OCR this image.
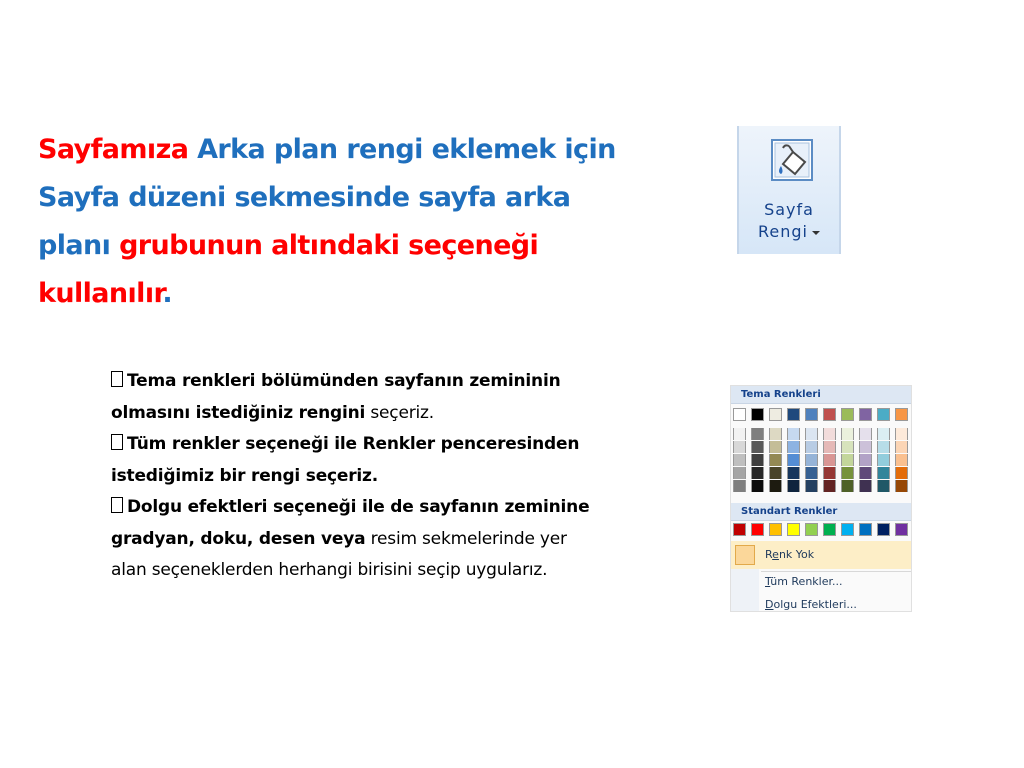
Sayfamıza Arka plan rengi eklemek için Sayfa düzeni sekmesinde sayfa arka planı grubunun altındaki seçeneği kullanılır.
Sayfa
Rengi
Tema renkleri bölümünden sayfanın zemininin olmasını istediğiniz rengini seçeriz.
Tüm renkler seçeneği ile Renkler penceresinden istediğimiz bir rengi seçeriz.
Dolgu efektleri seçeneği ile de sayfanın zeminine gradyan, doku, desen veya resim sekmelerinde yer alan seçeneklerden herhangi birisini seçip uygularız.
Tema Renkleri
Standart Renkler
Renk Yok
Tüm Renkler...
Dolgu Efektleri...
